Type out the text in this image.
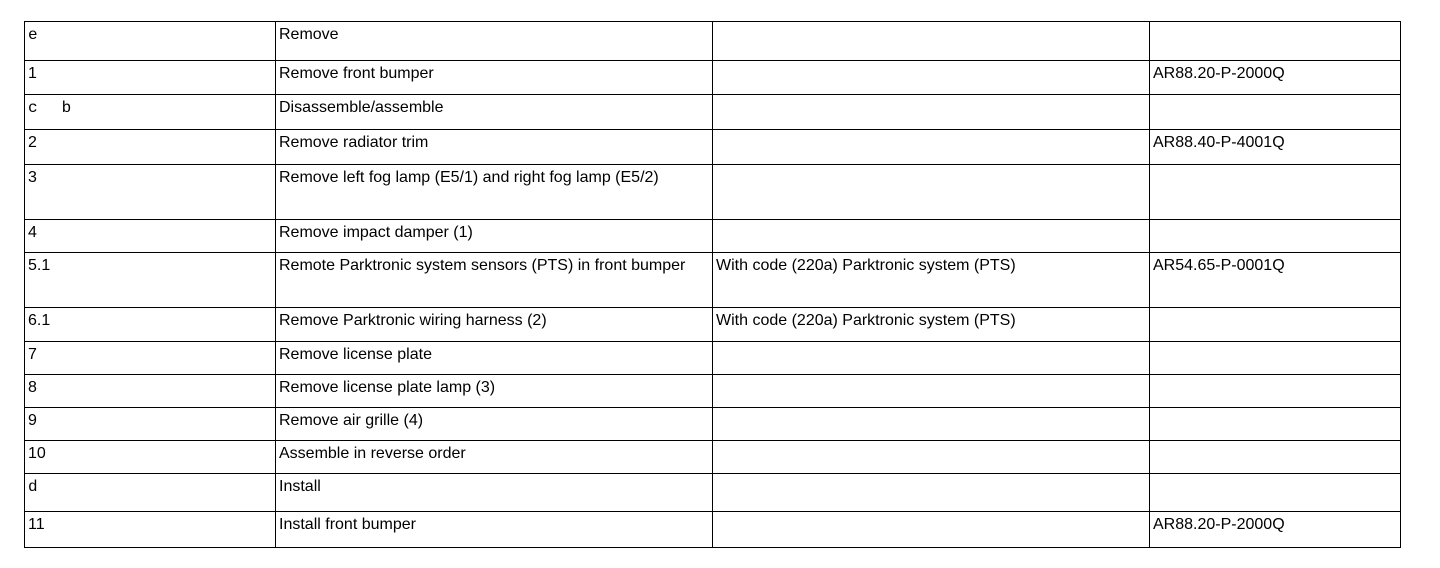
e	Remove		
1	Remove front bumper		AR88.20-P-2000Q
c b	Disassemble/assemble		
2	Remove radiator trim		AR88.40-P-4001Q
3	Remove left fog lamp (E5/1) and right fog lamp (E5/2)		
4	Remove impact damper (1)		
5.1	Remote Parktronic system sensors (PTS) in front bumper	With code (220a) Parktronic system (PTS)	AR54.65-P-0001Q
6.1	Remove Parktronic wiring harness (2)	With code (220a) Parktronic system (PTS)	
7	Remove license plate		
8	Remove license plate lamp (3)		
9	Remove air grille (4)		
10	Assemble in reverse order		
d	Install		
11	Install front bumper		AR88.20-P-2000Q
